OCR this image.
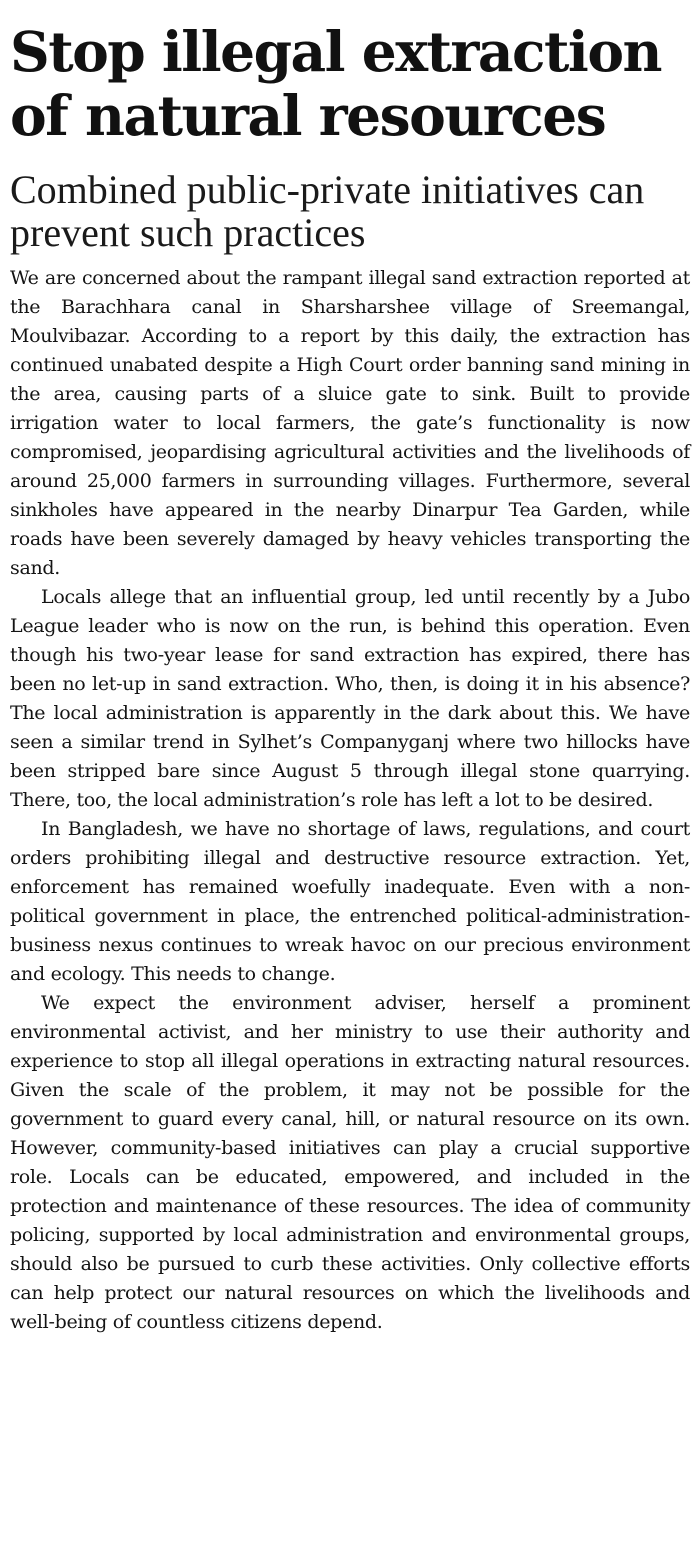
Stop illegal extraction of natural resources
Combined public-private initiatives can prevent such practices

We are concerned about the rampant illegal sand extraction reported at the Barachhara canal in Sharsharshee village of Sreemangal, Moulvibazar. According to a report by this daily, the extraction has continued unabated despite a High Court order banning sand mining in the area, causing parts of a sluice gate to sink. Built to provide irrigation water to local farmers, the gate’s functionality is now compromised, jeopardising agricultural activities and the livelihoods of around 25,000 farmers in surrounding villages. Furthermore, several sinkholes have appeared in the nearby Dinarpur Tea Garden, while roads have been severely damaged by heavy vehicles transporting the sand.

Locals allege that an influential group, led until recently by a Jubo League leader who is now on the run, is behind this operation. Even though his two-year lease for sand extraction has expired, there has been no let-up in sand extraction. Who, then, is doing it in his absence? The local administration is apparently in the dark about this. We have seen a similar trend in Sylhet’s Companyganj where two hillocks have been stripped bare since August 5 through illegal stone quarrying. There, too, the local administration’s role has left a lot to be desired.

In Bangladesh, we have no shortage of laws, regulations, and court orders prohibiting illegal and destructive resource extraction. Yet, enforcement has remained woefully inadequate. Even with a non-political government in place, the entrenched political-administration-business nexus continues to wreak havoc on our precious environment and ecology. This needs to change.

We expect the environment adviser, herself a prominent environmental activist, and her ministry to use their authority and experience to stop all illegal operations in extracting natural resources. Given the scale of the problem, it may not be possible for the government to guard every canal, hill, or natural resource on its own. However, community-based initiatives can play a crucial supportive role. Locals can be educated, empowered, and included in the protection and maintenance of these resources. The idea of community policing, supported by local administration and environmental groups, should also be pursued to curb these activities. Only collective efforts can help protect our natural resources on which the livelihoods and well-being of countless citizens depend.
